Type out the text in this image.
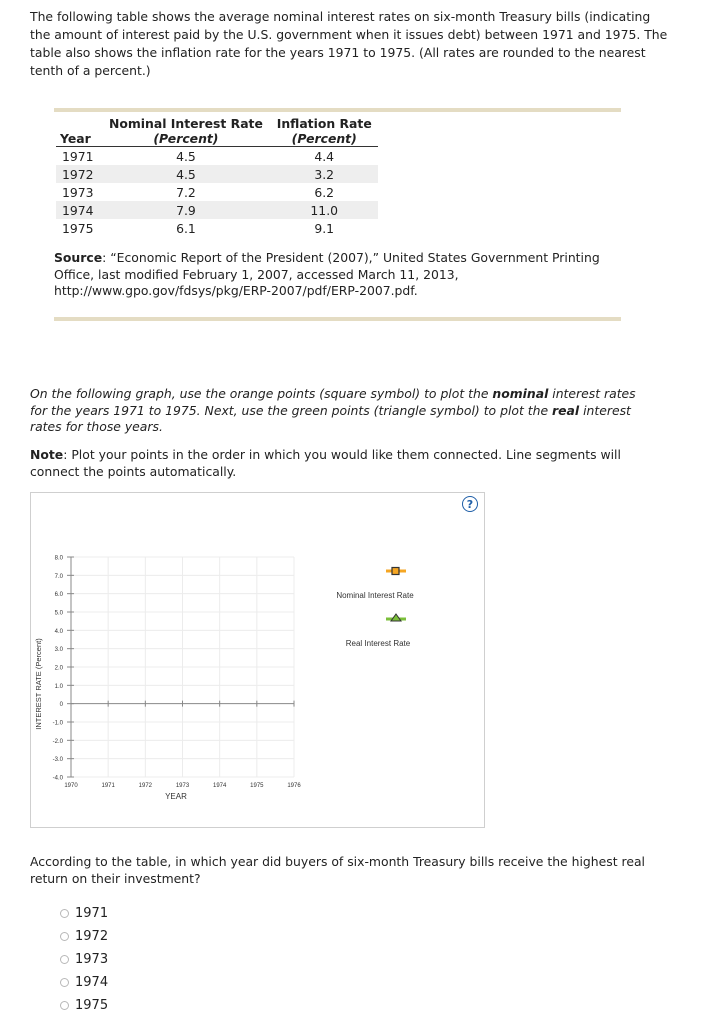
The following table shows the average nominal interest rates on six-month Treasury bills (indicating the amount of interest paid by the U.S. government when it issues debt) between 1971 and 1975. The table also shows the inflation rate for the years 1971 to 1975. (All rates are rounded to the nearest tenth of a percent.)
Year	Nominal Interest Rate	Inflation Rate
	(Percent)	(Percent)
1971	4.5	4.4
1972	4.5	3.2
1973	7.2	6.2
1974	7.9	11.0
1975	6.1	9.1
Source: “Economic Report of the President (2007),” United States Government Printing Office, last modified February 1, 2007, accessed March 11, 2013, http://www.gpo.gov/fdsys/pkg/ERP-2007/pdf/ERP-2007.pdf.
On the following graph, use the orange points (square symbol) to plot the nominal interest rates for the years 1971 to 1975. Next, use the green points (triangle symbol) to plot the real interest rates for those years.
Note: Plot your points in the order in which you would like them connected. Line segments will connect the points automatically.
?
8.0
7.0
6.0
5.0
4.0
3.0
2.0
1.0
0
-1.0
-2.0
-3.0
-4.0
1970	1971	1972	1973	1974	1975	1976
INTEREST RATE (Percent)
YEAR
Nominal Interest Rate
Real Interest Rate
According to the table, in which year did buyers of six-month Treasury bills receive the highest real return on their investment?
1971
1972
1973
1974
1975
